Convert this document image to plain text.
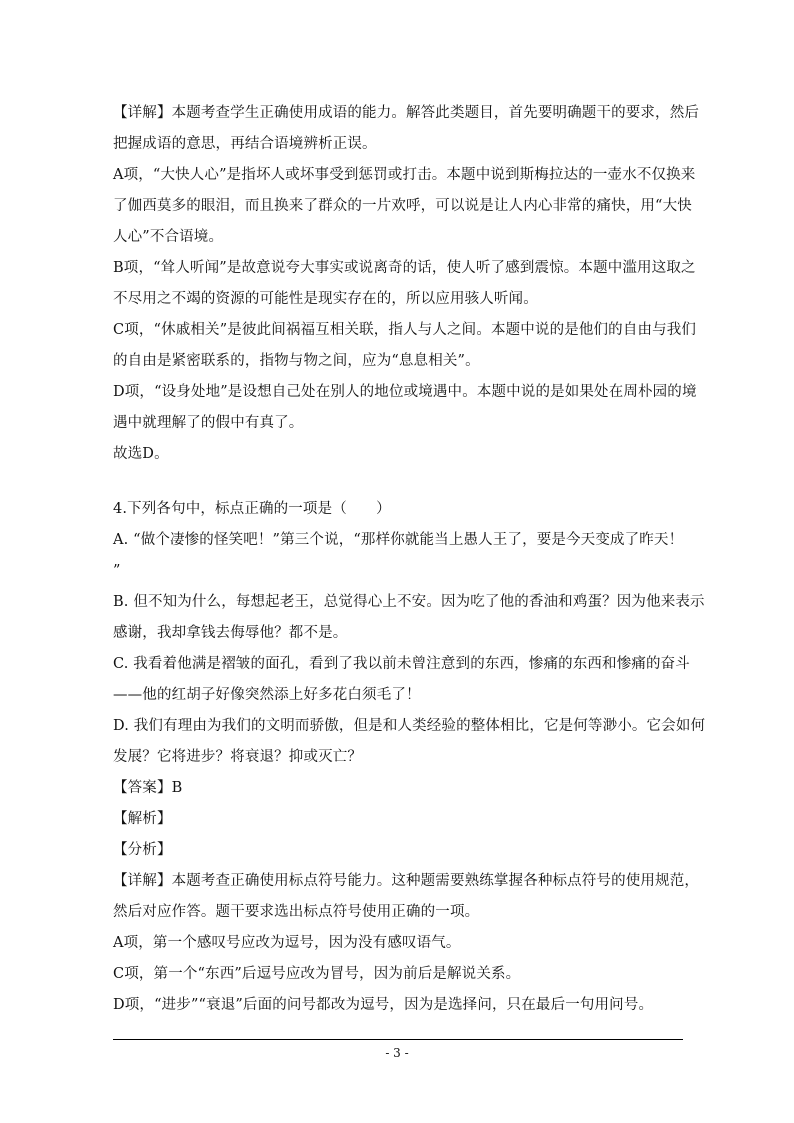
【详解】本题考查学生正确使用成语的能力。解答此类题目，首先要明确题干的要求，然后
把握成语的意思，再结合语境辨析正误。
A项，“大快人心”是指坏人或坏事受到惩罚或打击。本题中说到斯梅拉达的一壶水不仅换来
了伽西莫多的眼泪，而且换来了群众的一片欢呼，可以说是让人内心非常的痛快，用“大快
人心”不合语境。
B项，“耸人听闻”是故意说夸大事实或说离奇的话，使人听了感到震惊。本题中滥用这取之
不尽用之不竭的资源的可能性是现实存在的，所以应用骇人听闻。
C项，“休戚相关”是彼此间祸福互相关联，指人与人之间。本题中说的是他们的自由与我们
的自由是紧密联系的，指物与物之间，应为“息息相关”。
D项，“设身处地”是设想自己处在别人的地位或境遇中。本题中说的是如果处在周朴园的境
遇中就理解了的假中有真了。
故选D。
4.下列各句中，标点正确的一项是（　　）
A. “做个凄惨的怪笑吧！”第三个说，“那样你就能当上愚人王了，要是今天变成了昨天！
”
B. 但不知为什么，每想起老王，总觉得心上不安。因为吃了他的香油和鸡蛋？因为他来表示
感谢，我却拿钱去侮辱他？都不是。
C. 我看着他满是褶皱的面孔，看到了我以前未曾注意到的东西，惨痛的东西和惨痛的奋斗
——他的红胡子好像突然添上好多花白须毛了！
D. 我们有理由为我们的文明而骄傲，但是和人类经验的整体相比，它是何等渺小。它会如何
发展？它将进步？将衰退？抑或灭亡？
【答案】B
【解析】
【分析】
【详解】本题考查正确使用标点符号能力。这种题需要熟练掌握各种标点符号的使用规范，
然后对应作答。题干要求选出标点符号使用正确的一项。
A项，第一个感叹号应改为逗号，因为没有感叹语气。
C项，第一个“东西”后逗号应改为冒号，因为前后是解说关系。
D项，“进步”“衰退”后面的问号都改为逗号，因为是选择问，只在最后一句用问号。
- 3 -
